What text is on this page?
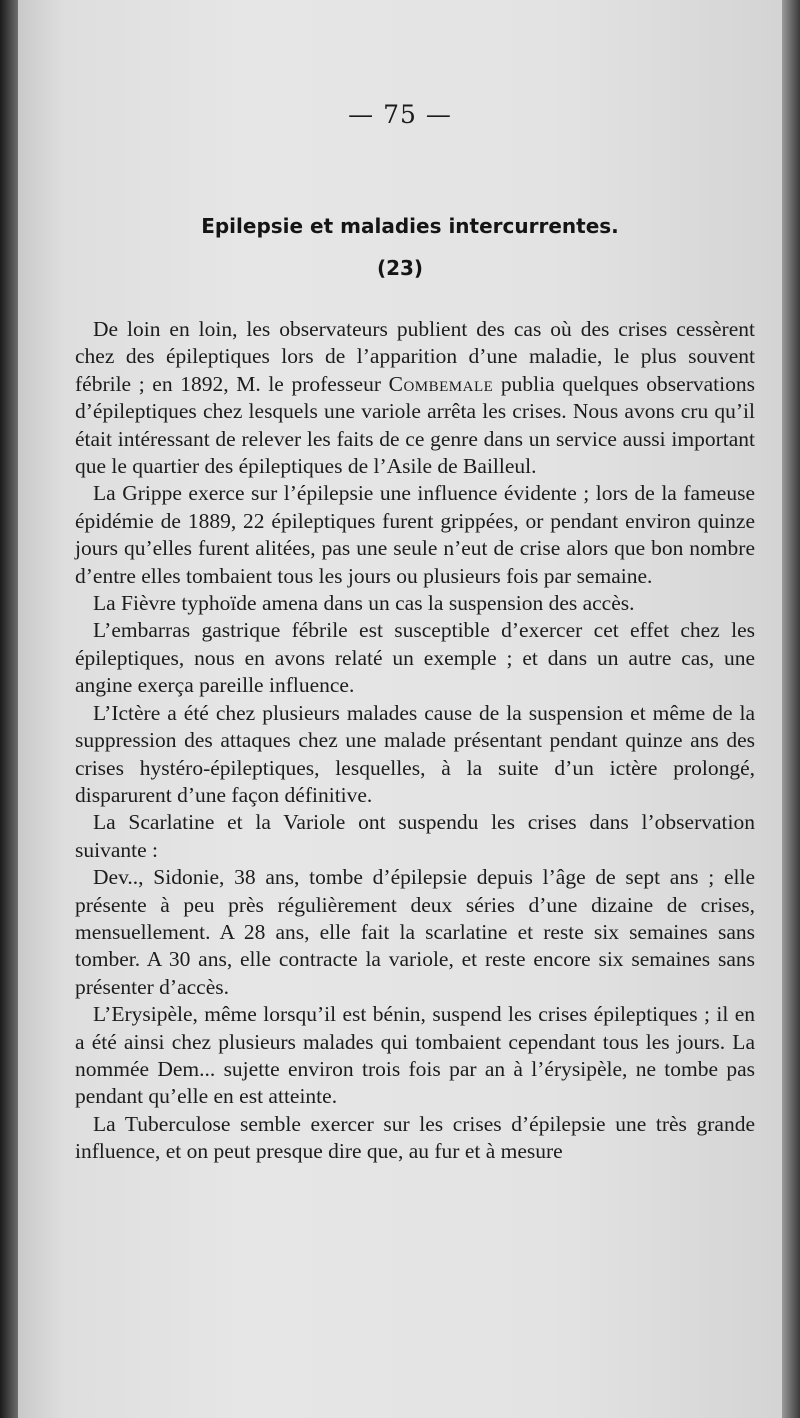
— 75 —
Epilepsie et maladies intercurrentes.
(23)

De loin en loin, les observateurs publient des cas où des crises cessèrent chez des épileptiques lors de l’apparition d’une maladie, le plus souvent fébrile ; en 1892, M. le professeur Combemale publia quelques observations d’épileptiques chez lesquels une variole arrêta les crises. Nous avons cru qu’il était intéressant de relever les faits de ce genre dans un service aussi important que le quartier des épileptiques de l’Asile de Bailleul.

La Grippe exerce sur l’épilepsie une influence évidente ; lors de la fameuse épidémie de 1889, 22 épileptiques furent grippées, or pendant environ quinze jours qu’elles furent alitées, pas une seule n’eut de crise alors que bon nombre d’entre elles tombaient tous les jours ou plusieurs fois par semaine.

La Fièvre typhoïde amena dans un cas la suspension des accès.

L’embarras gastrique fébrile est susceptible d’exercer cet effet chez les épileptiques, nous en avons relaté un exemple ; et dans un autre cas, une angine exerça pareille influence.

L’Ictère a été chez plusieurs malades cause de la suspension et même de la suppression des attaques chez une malade présentant pendant quinze ans des crises hystéro-épileptiques, lesquelles, à la suite d’un ictère prolongé, disparurent d’une façon définitive.

La Scarlatine et la Variole ont suspendu les crises dans l’observation suivante :

Dev.., Sidonie, 38 ans, tombe d’épilepsie depuis l’âge de sept ans ; elle présente à peu près régulièrement deux séries d’une dizaine de crises, mensuellement. A 28 ans, elle fait la scarlatine et reste six semaines sans tomber. A 30 ans, elle contracte la variole, et reste encore six semaines sans présenter d’accès.

L’Erysipèle, même lorsqu’il est bénin, suspend les crises épileptiques ; il en a été ainsi chez plusieurs malades qui tombaient cependant tous les jours. La nommée Dem... sujette environ trois fois par an à l’érysipèle, ne tombe pas pendant qu’elle en est atteinte.

La Tuberculose semble exercer sur les crises d’épilepsie une très grande influence, et on peut presque dire que, au fur et à mesure
